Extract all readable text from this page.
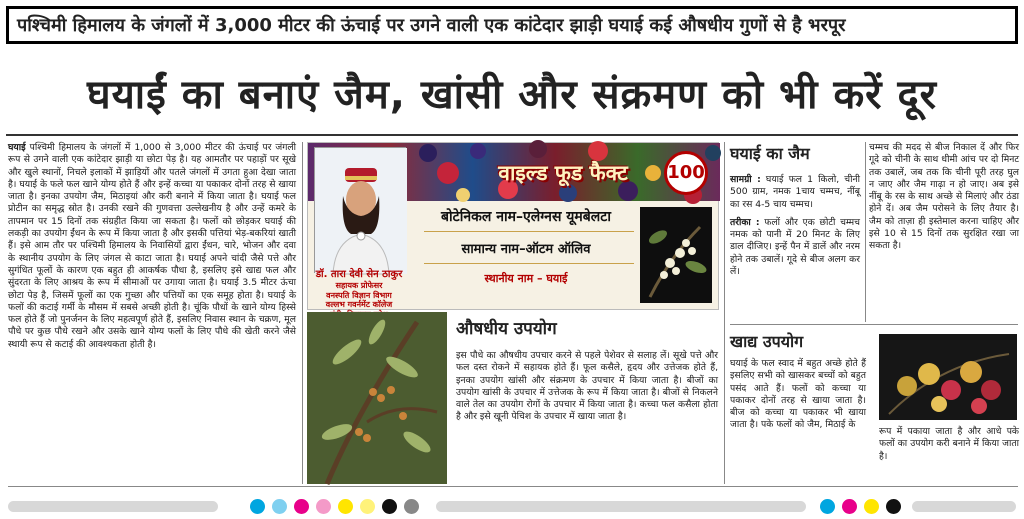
पश्चिमी हिमालय के जंगलों में 3,000 मीटर की ऊंचाई पर उगने वाली एक कांटेदार झाड़ी घयाई कई औषधीय गुणों से है भरपूर
घयाईं का बनाएं जैम, खांसी और संक्रमण को भी करें दूर
घयाई पश्चिमी हिमालय के जंगलों में 1,000 से 3,000 मीटर की ऊंचाई पर जंगली रूप से उगने वाली एक कांटेदार झाड़ी या छोटा पेड़ है। यह आमतौर पर पहाड़ों पर सूखे और खुले स्थानों, निचले इलाकों में झाड़ियों और पतले जंगलों में उगता हुआ देखा जाता है। घयाई के फले फल खाने योग्य होते हैं और इन्हें कच्चा या पकाकर दोनों तरह से खाया जाता है। इनका उपयोग जैम, मिठाइयां और करी बनाने में किया जाता है। घयाई फल प्रोटीन का समृद्ध स्रोत है। उनकी रखने की गुणवत्ता उल्लेखनीय है और उन्हें कमरे के तापमान पर 15 दिनों तक संग्रहीत किया जा सकता है। फलों को छोड़कर घयाई की लकड़ी का उपयोग ईंधन के रूप में किया जाता है और इसकी पत्तियां भेड़-बकरियां खाती हैं। इसे आम तौर पर पश्चिमी हिमालय के निवासियों द्वारा ईंधन, चारे, भोजन और दवा के स्थानीय उपयोग के लिए जंगल से काटा जाता है। घयाई अपने चांदी जैसे पत्ते और सुगंधित फूलों के कारण एक बहुत ही आकर्षक पौधा है, इसलिए इसे खाद्य फल और सुंदरता के लिए आश्रय के रूप में सीमाओं पर उगाया जाता है। घयाई 3.5 मीटर ऊंचा छोटा पेड़ है, जिसमें फूलों का एक गुच्छा और पत्तियों का एक समूह होता है। घयाई के फलों की कटाई गर्मी के मौसम में सबसे अच्छी होती है। चूंकि पौधों के खाने योग्य हिस्से फल होते हैं जो पुनर्जनन के लिए महत्वपूर्ण होते हैं, इसलिए निवास स्थान के चक्रण, मूल पौधे पर कुछ पौधे रखने और उसके खाने योग्य फलों के लिए पौधे की खेती करने जैसे स्थायी रूप से कटाई की आवश्यकता होती है।
वाइल्ड फूड फैक्ट	100
डॉ. तारा देवी सेन ठाकुर
सहायक प्रोफेसर
वनस्पति विज्ञान विभाग
वल्लभ गवर्नमेंट कॉलेज
बोटेनिकल नाम–एलेग्नस यूमबेलटा
सामान्य नाम–ऑटम ऑलिव
स्थानीय नाम – घयाई
औषधीय उपयोग
इस पौधे का औषधीय उपचार करने से पहले पेशेवर से सलाह लें। सूखे पत्ते और फल दस्त रोकने में सहायक होते हैं। फूल कसैले, हृदय और उत्तेजक होते हैं, इनका उपयोग खांसी और संक्रमण के उपचार में किया जाता है। बीजों का उपयोग खांसी के उपचार में उत्तेजक के रूप में किया जाता है। बीजों से निकलने वाले तेल का उपयोग रोगों के उपचार में किया जाता है। कच्चा फल कसैला होता है और इसे खूनी पेचिश के उपचार में खाया जाता है।
घयाई का जैम
सामग्री : घयाई फल 1 किलो, चीनी 500 ग्राम, नमक 1चाय चम्मच, नींबू का रस 4-5 चाय चम्मच।
तरीका : फलों और एक छोटी चम्मच नमक को पानी में 20 मिनट के लिए डाल दीजिए। इन्हें पैन में डालें और नरम होने तक उबालें। गूदे से बीज अलग कर लें।
चम्मच की मदद से बीज निकाल दें और फिर गूदे को चीनी के साथ धीमी आंच पर दो मिनट तक उबालें, जब तक कि चीनी पूरी तरह घुल न जाए और जैम गाढ़ा न हो जाए। अब इसे नींबू के रस के साथ अच्छे से मिलाएं और ठंडा होने दें। अब जैम परोसने के लिए तैयार है। जैम को ताज़ा ही इस्तेमाल करना चाहिए और इसे 10 से 15 दिनों तक सुरक्षित रखा जा सकता है।
खाद्य उपयोग
घयाई के फल स्वाद में बहुत अच्छे होते हैं इसलिए सभी को खासकर बच्चों को बहुत पसंद आते हैं। फलों को कच्चा या पकाकर दोनों तरह से खाया जाता है। बीज को कच्चा या पकाकर भी खाया जाता है। पके फलों को जैम, मिठाई के
रूप में पकाया जाता है और आधे पके फलों का उपयोग करी बनाने में किया जाता है।
